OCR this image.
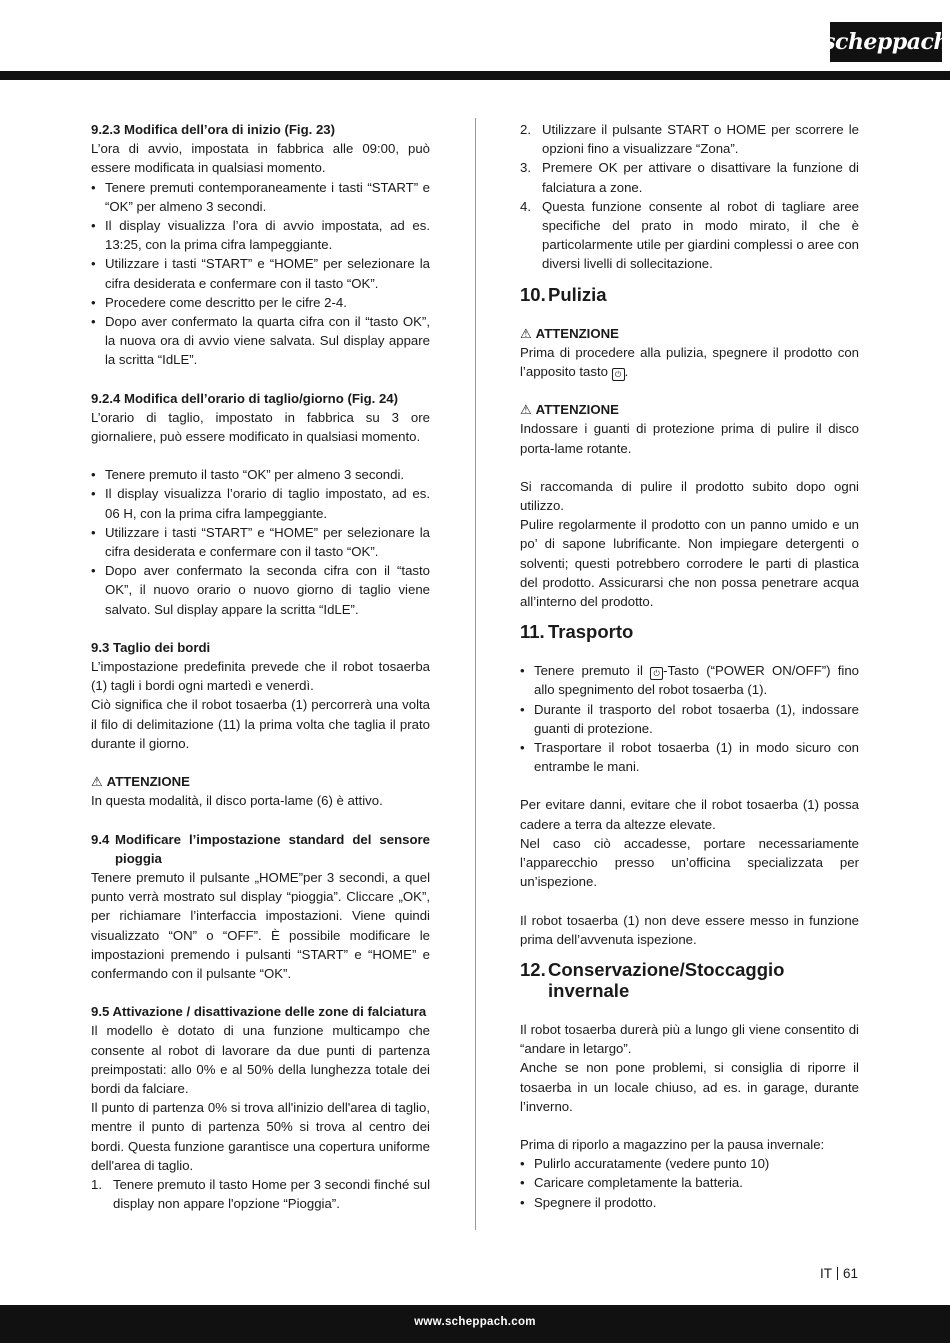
scheppach

9.2.3 Modifica dell’ora di inizio (Fig. 23)

L’ora di avvio, impostata in fabbrica alle 09:00, può essere modificata in qualsiasi momento.

• Tenere premuti contemporaneamente i tasti “START” e “OK” per almeno 3 secondi.
• Il display visualizza l’ora di avvio impostata, ad es. 13:25, con la prima cifra lampeggiante.
• Utilizzare i tasti “START” e “HOME” per selezionare la cifra desiderata e confermare con il tasto “OK”.
• Procedere come descritto per le cifre 2-4.
• Dopo aver confermato la quarta cifra con il “tasto OK”, la nuova ora di avvio viene salvata. Sul display appare la scritta “IdLE”.

9.2.4 Modifica dell’orario di taglio/giorno (Fig. 24)

L’orario di taglio, impostato in fabbrica su 3 ore giornaliere, può essere modificato in qualsiasi momento.

• Tenere premuto il tasto “OK” per almeno 3 secondi.
• Il display visualizza l’orario di taglio impostato, ad es. 06 H, con la prima cifra lampeggiante.
• Utilizzare i tasti “START” e “HOME” per selezionare la cifra desiderata e confermare con il tasto “OK”.
• Dopo aver confermato la seconda cifra con il “tasto OK”, il nuovo orario o nuovo giorno di taglio viene salvato. Sul display appare la scritta “IdLE”.

9.3 Taglio dei bordi

L’impostazione predefinita prevede che il robot tosaerba (1) tagli i bordi ogni martedì e venerdì.

Ciò significa che il robot tosaerba (1) percorrerà una volta il filo di delimitazione (11) la prima volta che taglia il prato durante il giorno.

⚠ ATTENZIONE

In questa modalità, il disco porta-lame (6) è attivo.

9.4 Modificare l’impostazione standard del sensore pioggia

Tenere premuto il pulsante „HOME”per 3 secondi, a quel punto verrà mostrato sul display “pioggia”. Cliccare „OK”, per richiamare l’interfaccia impostazioni. Viene quindi visualizzato “ON” o “OFF”. È possibile modificare le impostazioni premendo i pulsanti “START” e “HOME” e confermando con il pulsante “OK”.

9.5 Attivazione / disattivazione delle zone di falciatura

Il modello è dotato di una funzione multicampo che consente al robot di lavorare da due punti di partenza preimpostati: allo 0% e al 50% della lunghezza totale dei bordi da falciare.

Il punto di partenza 0% si trova all'inizio dell'area di taglio, mentre il punto di partenza 50% si trova al centro dei bordi. Questa funzione garantisce una copertura uniforme dell'area di taglio.

1. Tenere premuto il tasto Home per 3 secondi finché sul display non appare l'opzione “Pioggia”.
2. Utilizzare il pulsante START o HOME per scorrere le opzioni fino a visualizzare “Zona”.
3. Premere OK per attivare o disattivare la funzione di falciatura a zone.
4. Questa funzione consente al robot di tagliare aree specifiche del prato in modo mirato, il che è particolarmente utile per giardini complessi o aree con diversi livelli di sollecitazione.

10. Pulizia

⚠ ATTENZIONE

Prima di procedere alla pulizia, spegnere il prodotto con l’apposito tasto ⏻ .

⚠ ATTENZIONE

Indossare i guanti di protezione prima di pulire il disco porta-lame rotante.

Si raccomanda di pulire il prodotto subito dopo ogni utilizzo.

Pulire regolarmente il prodotto con un panno umido e un po’ di sapone lubrificante. Non impiegare detergenti o solventi; questi potrebbero corrodere le parti di plastica del prodotto. Assicurarsi che non possa penetrare acqua all’interno del prodotto.

11. Trasporto

• Tenere premuto il ⏻ -Tasto (“POWER ON/OFF”) fino allo spegnimento del robot tosaerba (1).
• Durante il trasporto del robot tosaerba (1), indossare guanti di protezione.
• Trasportare il robot tosaerba (1) in modo sicuro con entrambe le mani.

Per evitare danni, evitare che il robot tosaerba (1) possa cadere a terra da altezze elevate.

Nel caso ciò accadesse, portare necessariamente l’apparecchio presso un’officina specializzata per un’ispezione.

Il robot tosaerba (1) non deve essere messo in funzione prima dell’avvenuta ispezione.

12. Conservazione/Stoccaggio
invernale

Il robot tosaerba durerà più a lungo gli viene consentito di “andare in letargo”.

Anche se non pone problemi, si consiglia di riporre il tosaerba in un locale chiuso, ad es. in garage, durante l’inverno.

Prima di riporlo a magazzino per la pausa invernale:

• Pulirlo accuratamente (vedere punto 10)
• Caricare completamente la batteria.
• Spegnere il prodotto.
IT 61
www.scheppach.com
